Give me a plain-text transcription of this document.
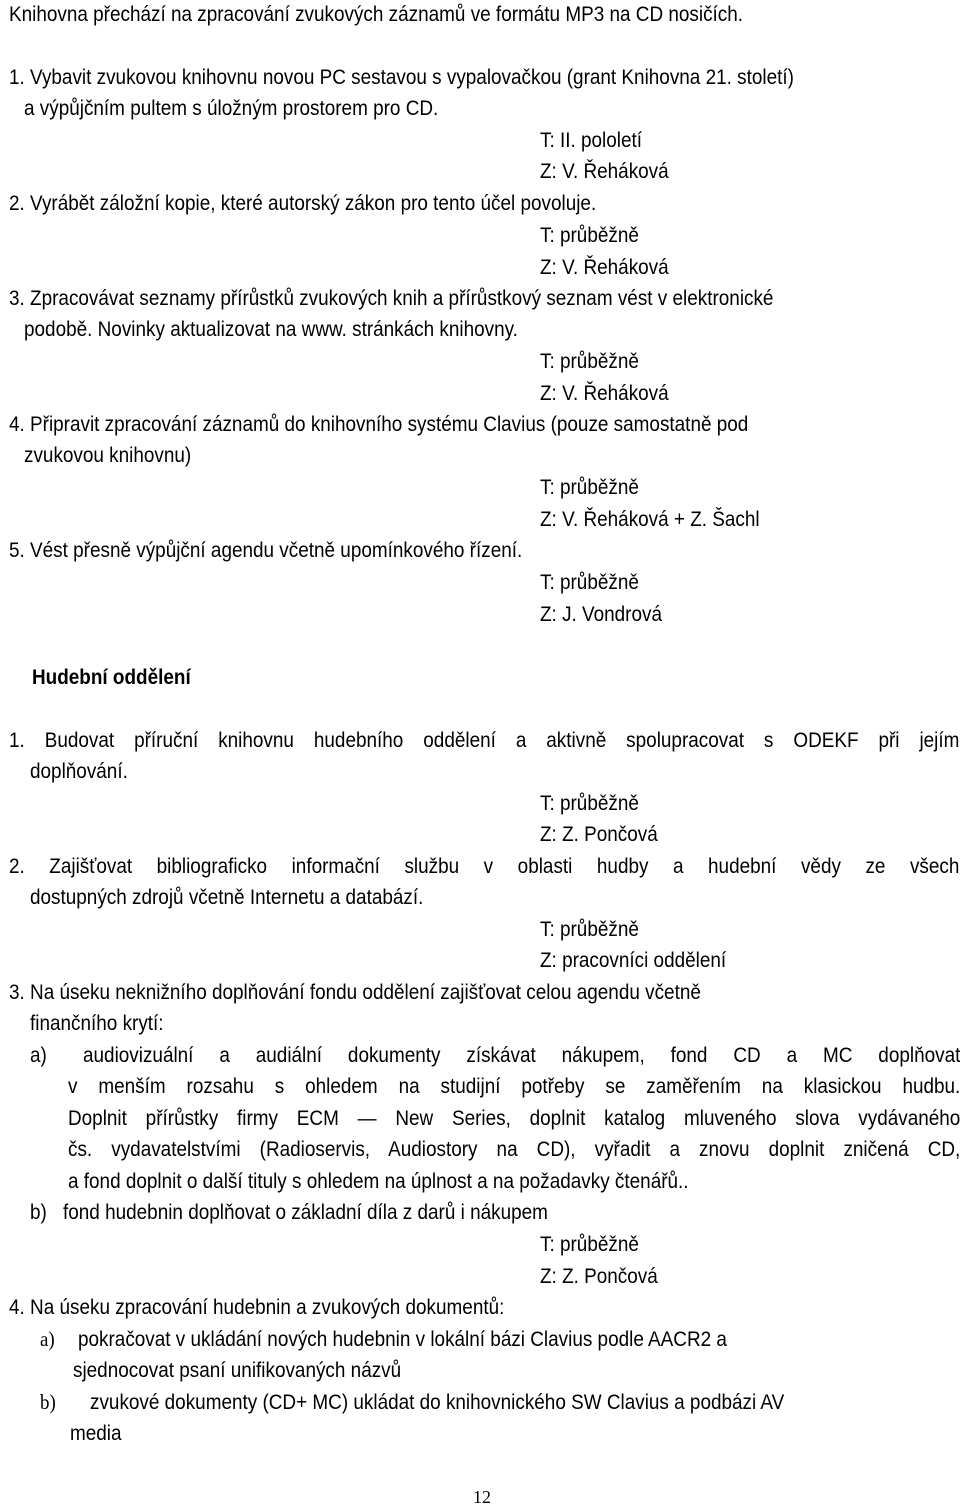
Knihovna přechází na zpracování zvukových záznamů ve formátu MP3 na CD nosičích.
1. Vybavit zvukovou knihovnu novou PC sestavou s vypalovačkou (grant Knihovna 21. století)
a výpůjčním pultem s úložným prostorem pro CD.
T: II. pololetí
Z: V. Řeháková
2. Vyrábět záložní kopie, které autorský zákon pro tento účel povoluje.
T: průběžně
Z: V. Řeháková
3. Zpracovávat seznamy přírůstků zvukových knih a přírůstkový seznam vést v elektronické
podobě. Novinky aktualizovat na www. stránkách knihovny.
T: průběžně
Z: V. Řeháková
4. Připravit zpracování záznamů do knihovního systému Clavius (pouze samostatně pod
zvukovou knihovnu)
T: průběžně
Z: V. Řeháková + Z. Šachl
5. Vést přesně výpůjční agendu včetně upomínkového řízení.
T: průběžně
Z: J. Vondrová
Hudební oddělení
1. Budovat příruční knihovnu hudebního oddělení a aktivně spolupracovat s ODEKF při jejím
doplňování.
T: průběžně
Z: Z. Pončová
2. Zajišťovat bibliograficko informační službu v oblasti hudby a hudební vědy ze všech
dostupných zdrojů včetně Internetu a databází.
T: průběžně
Z: pracovníci oddělení
3. Na úseku neknižního doplňování fondu oddělení zajišťovat celou agendu včetně
finančního krytí:
a) audiovizuální a audiální dokumenty získávat nákupem, fond CD a MC doplňovat
v menším rozsahu s ohledem na studijní potřeby se zaměřením na klasickou hudbu.
Doplnit přírůstky firmy ECM — New Series, doplnit katalog mluveného slova vydávaného
čs. vydavatelstvími (Radioservis, Audiostory na CD), vyřadit a znovu doplnit zničená CD,
a fond doplnit o další tituly s ohledem na úplnost a na požadavky čtenářů..
b) fond hudebnin doplňovat o základní díla z darů i nákupem
T: průběžně
Z: Z. Pončová
4. Na úseku zpracování hudebnin a zvukových dokumentů:
a) pokračovat v ukládání nových hudebnin v lokální bázi Clavius podle AACR2 a
sjednocovat psaní unifikovaných názvů
b) zvukové dokumenty (CD+ MC) ukládat do knihovnického SW Clavius a podbázi AV
media
12
